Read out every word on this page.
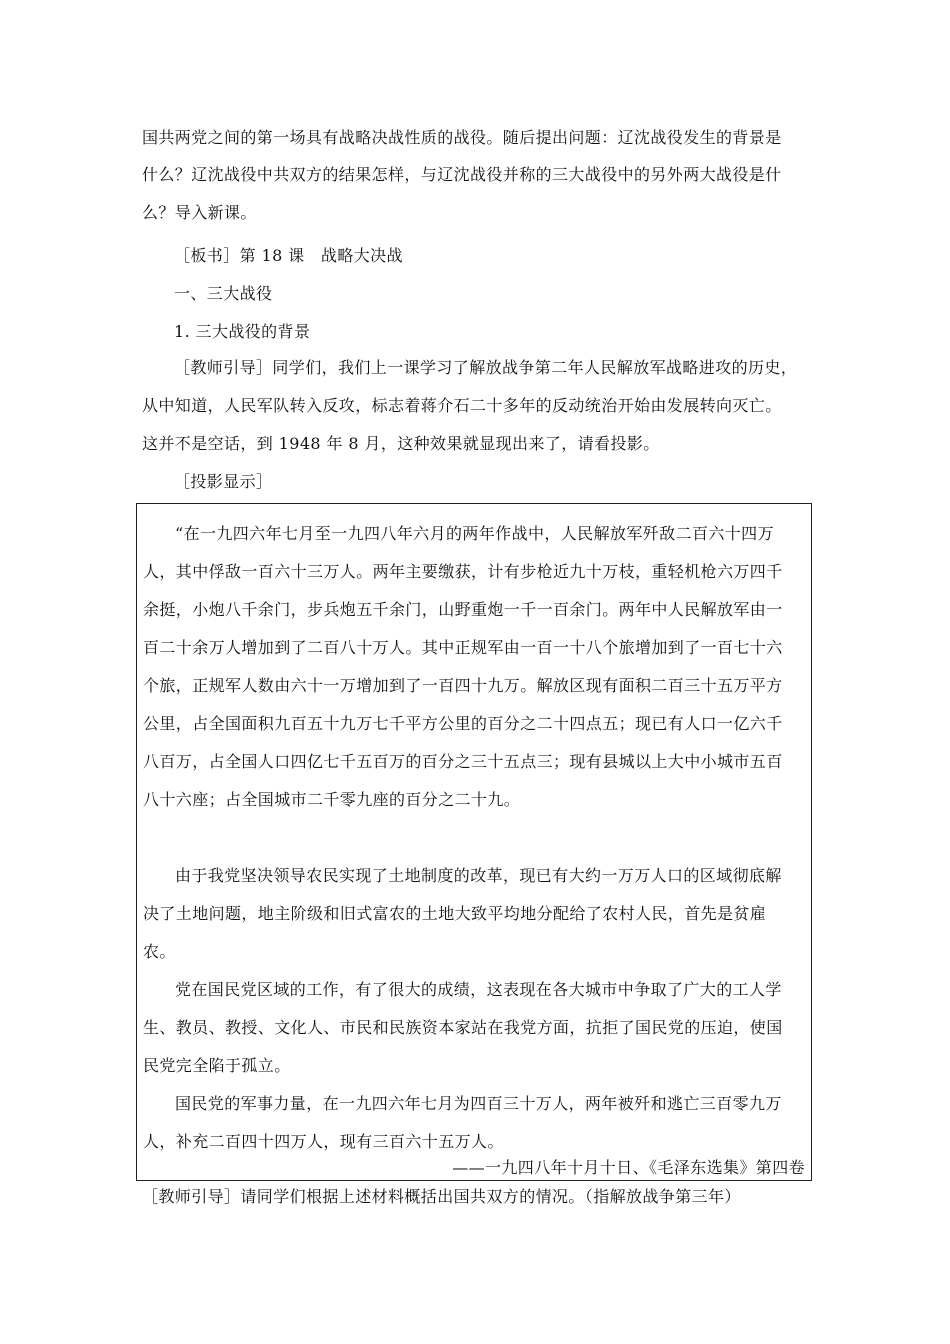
国共两党之间的第一场具有战略决战性质的战役。随后提出问题：辽沈战役发生的背景是
什么？辽沈战役中共双方的结果怎样，与辽沈战役并称的三大战役中的另外两大战役是什
么？导入新课。
［板书］第 18 课　战略大决战
一、三大战役
1. 三大战役的背景
［教师引导］同学们，我们上一课学习了解放战争第二年人民解放军战略进攻的历史，
从中知道，人民军队转入反攻，标志着蒋介石二十多年的反动统治开始由发展转向灭亡。
这并不是空话，到 1948 年 8 月，这种效果就显现出来了，请看投影。
［投影显示］
“在一九四六年七月至一九四八年六月的两年作战中，人民解放军歼敌二百六十四万
人，其中俘敌一百六十三万人。两年主要缴获，计有步枪近九十万枝，重轻机枪六万四千
余挺，小炮八千余门，步兵炮五千余门，山野重炮一千一百余门。两年中人民解放军由一
百二十余万人增加到了二百八十万人。其中正规军由一百一十八个旅增加到了一百七十六
个旅，正规军人数由六十一万增加到了一百四十九万。解放区现有面积二百三十五万平方
公里，占全国面积九百五十九万七千平方公里的百分之二十四点五；现已有人口一亿六千
八百万，占全国人口四亿七千五百万的百分之三十五点三；现有县城以上大中小城市五百
八十六座；占全国城市二千零九座的百分之二十九。
由于我党坚决领导农民实现了土地制度的改革，现已有大约一万万人口的区域彻底解
决了土地问题，地主阶级和旧式富农的土地大致平均地分配给了农村人民，首先是贫雇
农。
党在国民党区域的工作，有了很大的成绩，这表现在各大城市中争取了广大的工人学
生、教员、教授、文化人、市民和民族资本家站在我党方面，抗拒了国民党的压迫，使国
民党完全陷于孤立。
国民党的军事力量，在一九四六年七月为四百三十万人，两年被歼和逃亡三百零九万
人，补充二百四十四万人，现有三百六十五万人。
——一九四八年十月十日、《毛泽东选集》第四卷
［教师引导］请同学们根据上述材料概括出国共双方的情况。（指解放战争第三年）
